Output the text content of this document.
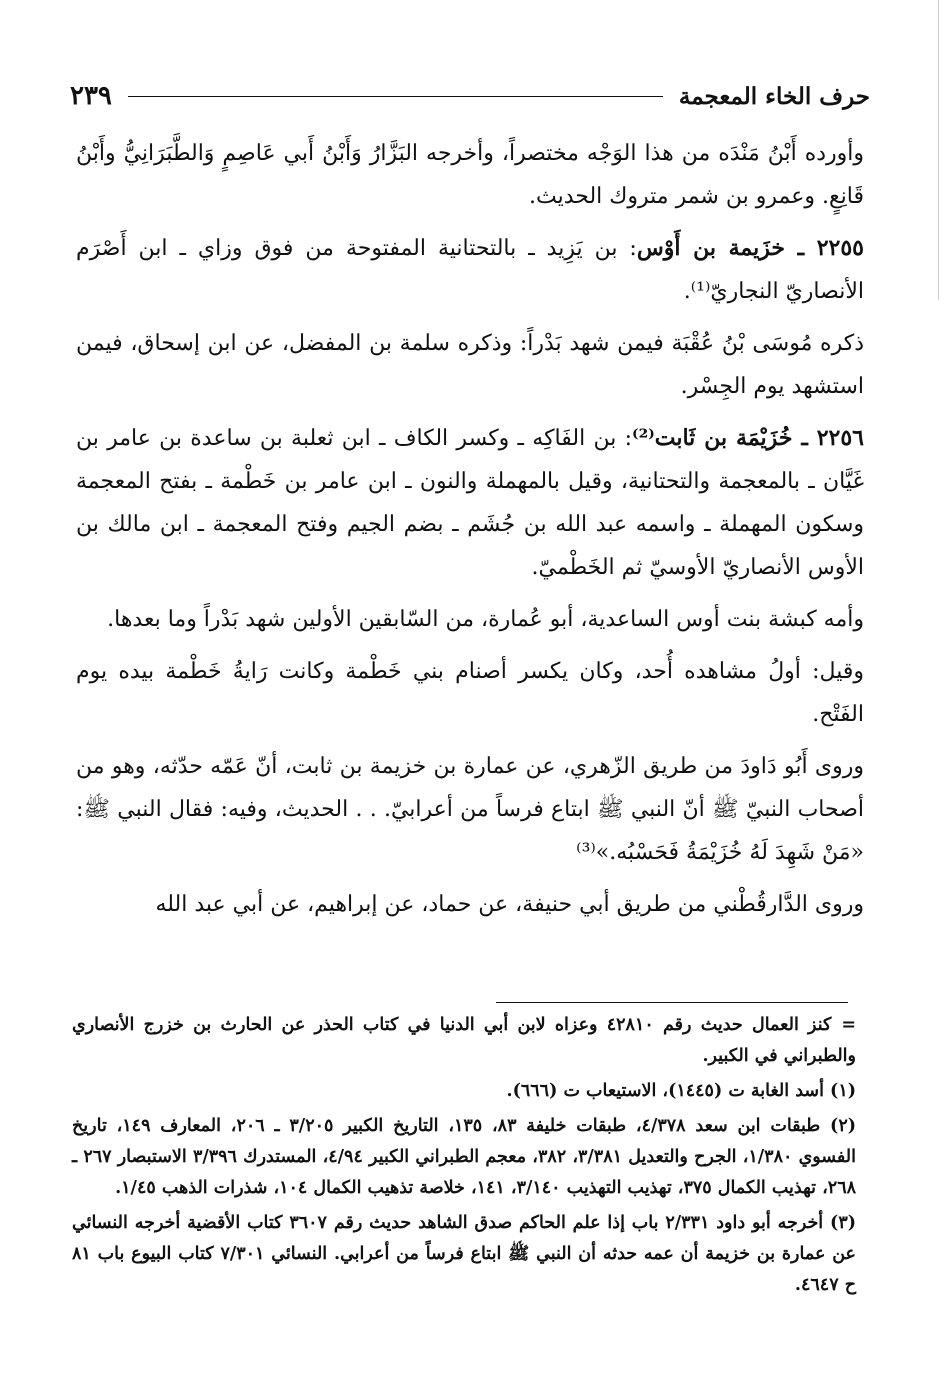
حرف الخاء المعجمة
٢٣٩

وأورده أَبْنُ مَنْدَه من هذا الوَجْه مختصراً، وأخرجه البَزَّارُ وَأَبْنُ أَبي عَاصِمٍ وَالطَّبَرَانِيُّ وأَبْنُ قَانِعٍ. وعمرو بن شمر متروك الحديث.

٢٢٥٥ ـ خزَيمة بن أَوْس: بن يَزِيد ـ بالتحتانية المفتوحة من فوق وزاي ـ ابن أَصْرَم الأنصاريّ النجاريّ⁽¹⁾.

ذكره مُوسَى بْنُ عُقْبَة فيمن شهد بَدْراً: وذكره سلمة بن المفضل، عن ابن إسحاق، فيمن استشهد يوم الجِسْر.

٢٢٥٦ ـ خُزَيْمَة بن ثَابت⁽²⁾: بن الفَاكِه ـ وكسر الكاف ـ ابن ثعلبة بن ساعدة بن عامر بن غَيَّان ـ بالمعجمة والتحتانية، وقيل بالمهملة والنون ـ ابن عامر بن خَطْمة ـ بفتح المعجمة وسكون المهملة ـ واسمه عبد الله بن جُشَم ـ بضم الجيم وفتح المعجمة ـ ابن مالك بن الأوس الأنصاريّ الأوسيّ ثم الخَطْميّ.

وأمه كبشة بنت أوس الساعدية، أبو عُمارة، من السّابقين الأولين شهد بَدْراً وما بعدها.

وقيل: أولُ مشاهده أُحد، وكان يكسر أصنام بني خَطْمة وكانت رَايةُ خَطْمة بيده يوم الفَتْح.

وروى أَبُو دَاودَ من طريق الزّهري، عن عمارة بن خزيمة بن ثابت، أنّ عَمّه حدّثه، وهو من أصحاب النبيّ ﷺ أنّ النبي ﷺ ابتاع فرساً من أعرابيّ. . . الحديث، وفيه: فقال النبي ﷺ: «مَنْ شَهِدَ لَهُ خُزَيْمَةُ فَحَسْبُه.»⁽³⁾

وروى الدَّارقُطْني من طريق أبي حنيفة، عن حماد، عن إبراهيم، عن أبي عبد الله

=كنز العمال حديث رقم ٤٢٨١٠ وعزاه لابن أبي الدنيا في كتاب الحذر عن الحارث بن خزرج الأنصاري والطبراني في الكبير.

(١) أسد الغابة ت (١٤٤٥)، الاستيعاب ت (٦٦٦).

(٢) طبقات ابن سعد ٤/٣٧٨، طبقات خليفة ٨٣، ١٣٥، التاريخ الكبير ٣/٢٠٥ ـ ٢٠٦، المعارف ١٤٩، تاريخ الفسوي ١/٣٨٠، الجرح والتعديل ٣/٣٨١، ٣٨٢، معجم الطبراني الكبير ٤/٩٤، المستدرك ٣/٣٩٦ الاستبصار ٢٦٧ ـ ٢٦٨، تهذيب الكمال ٣٧٥، تهذيب التهذيب ٣/١٤٠، ١٤١، خلاصة تذهيب الكمال ١٠٤، شذرات الذهب ١/٤٥.

(٣) أخرجه أبو داود ٢/٣٣١ باب إذا علم الحاكم صدق الشاهد حديث رقم ٣٦٠٧ كتاب الأقضية أخرجه النسائي عن عمارة بن خزيمة أن عمه حدثه أن النبي ﷺ ابتاع فرساً من أعرابي. النسائي ٧/٣٠١ كتاب البيوع باب ٨١ ح ٤٦٤٧.
